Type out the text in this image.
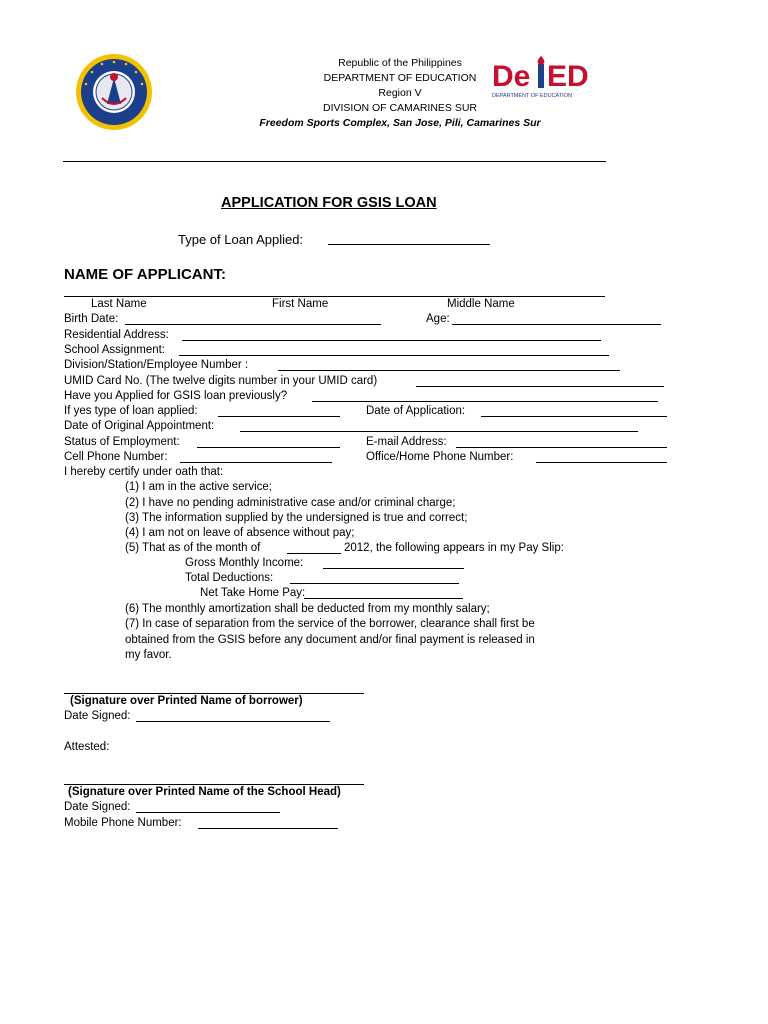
De ED
DEPARTMENT OF EDUCATION
Republic of the Philippines
DEPARTMENT OF EDUCATION
Region V
DIVISION OF CAMARINES SUR
Freedom Sports Complex, San Jose, Pili, Camarines Sur
APPLICATION FOR GSIS LOAN
Type of Loan Applied:
NAME OF APPLICANT:
Last Name	First Name	Middle Name
Birth Date:	Age:
Residential Address:
School Assignment:
Division/Station/Employee Number :
UMID Card No. (The twelve digits number in your UMID card)
Have you Applied for GSIS loan previously?
If yes type of loan applied:	Date of Application:
Date of Original Appointment:
Status of Employment:	E-mail Address:
Cell Phone Number:	Office/Home Phone Number:
I hereby certify under oath that:
(1) I am in the active service;
(2) I have no pending administrative case and/or criminal charge;
(3) The information supplied by the undersigned is true and correct;
(4) I am not on leave of absence without pay;
(5) That as of the month of	2012, the following appears in my Pay Slip:
Gross Monthly Income:
Total Deductions:
Net Take Home Pay:
(6) The monthly amortization shall be deducted from my monthly salary;
(7) In case of separation from the service of the borrower, clearance shall first be
obtained from the GSIS before any document and/or final payment is released in
my favor.
(Signature over Printed Name of borrower)
Date Signed:
Attested:
(Signature over Printed Name of the School Head)
Date Signed:
Mobile Phone Number:
